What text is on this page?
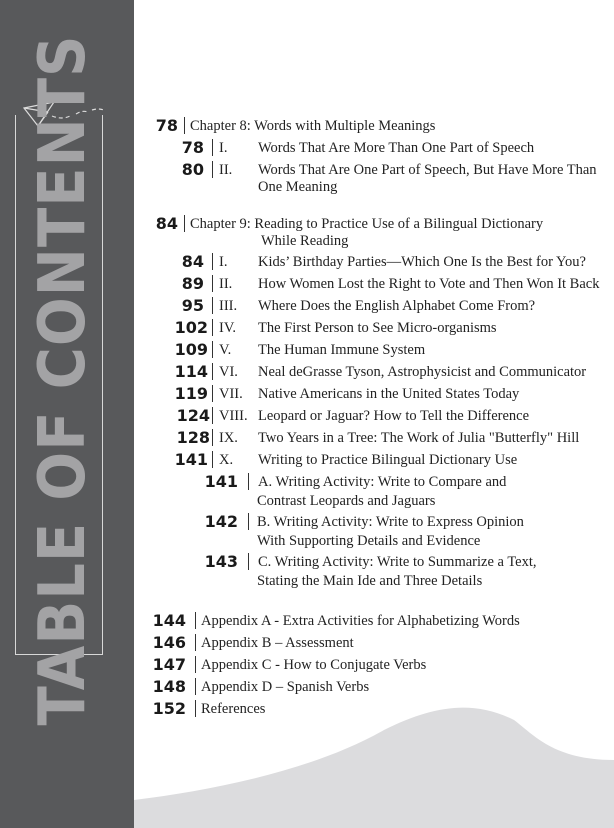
TABLE OF CONTENTS	78 Chapter 8: Words with Multiple Meanings
78 I. Words That Are More Than One Part of Speech
80 II. Words That Are One Part of Speech, But Have More Than
One Meaning
84 Chapter 9: Reading to Practice Use of a Bilingual Dictionary
While Reading
84 I. Kids’ Birthday Parties—Which One Is the Best for You?
89 II. How Women Lost the Right to Vote and Then Won It Back
95 III. Where Does the English Alphabet Come From?
102 IV. The First Person to See Micro-organisms
109 V. The Human Immune System
114 VI. Neal deGrasse Tyson, Astrophysicist and Communicator
119 VII. Native Americans in the United States Today
124 VIII. Leopard or Jaguar? How to Tell the Difference
128 IX. Two Years in a Tree: The Work of Julia "Butterfly" Hill
141 X. Writing to Practice Bilingual Dictionary Use
141 A. Writing Activity: Write to Compare and
Contrast Leopards and Jaguars
142 B. Writing Activity: Write to Express Opinion
With Supporting Details and Evidence
143 C. Writing Activity: Write to Summarize a Text,
Stating the Main Ide and Three Details
144 Appendix A - Extra Activities for Alphabetizing Words
146 Appendix B – Assessment
147 Appendix C - How to Conjugate Verbs
148 Appendix D – Spanish Verbs
152 References
